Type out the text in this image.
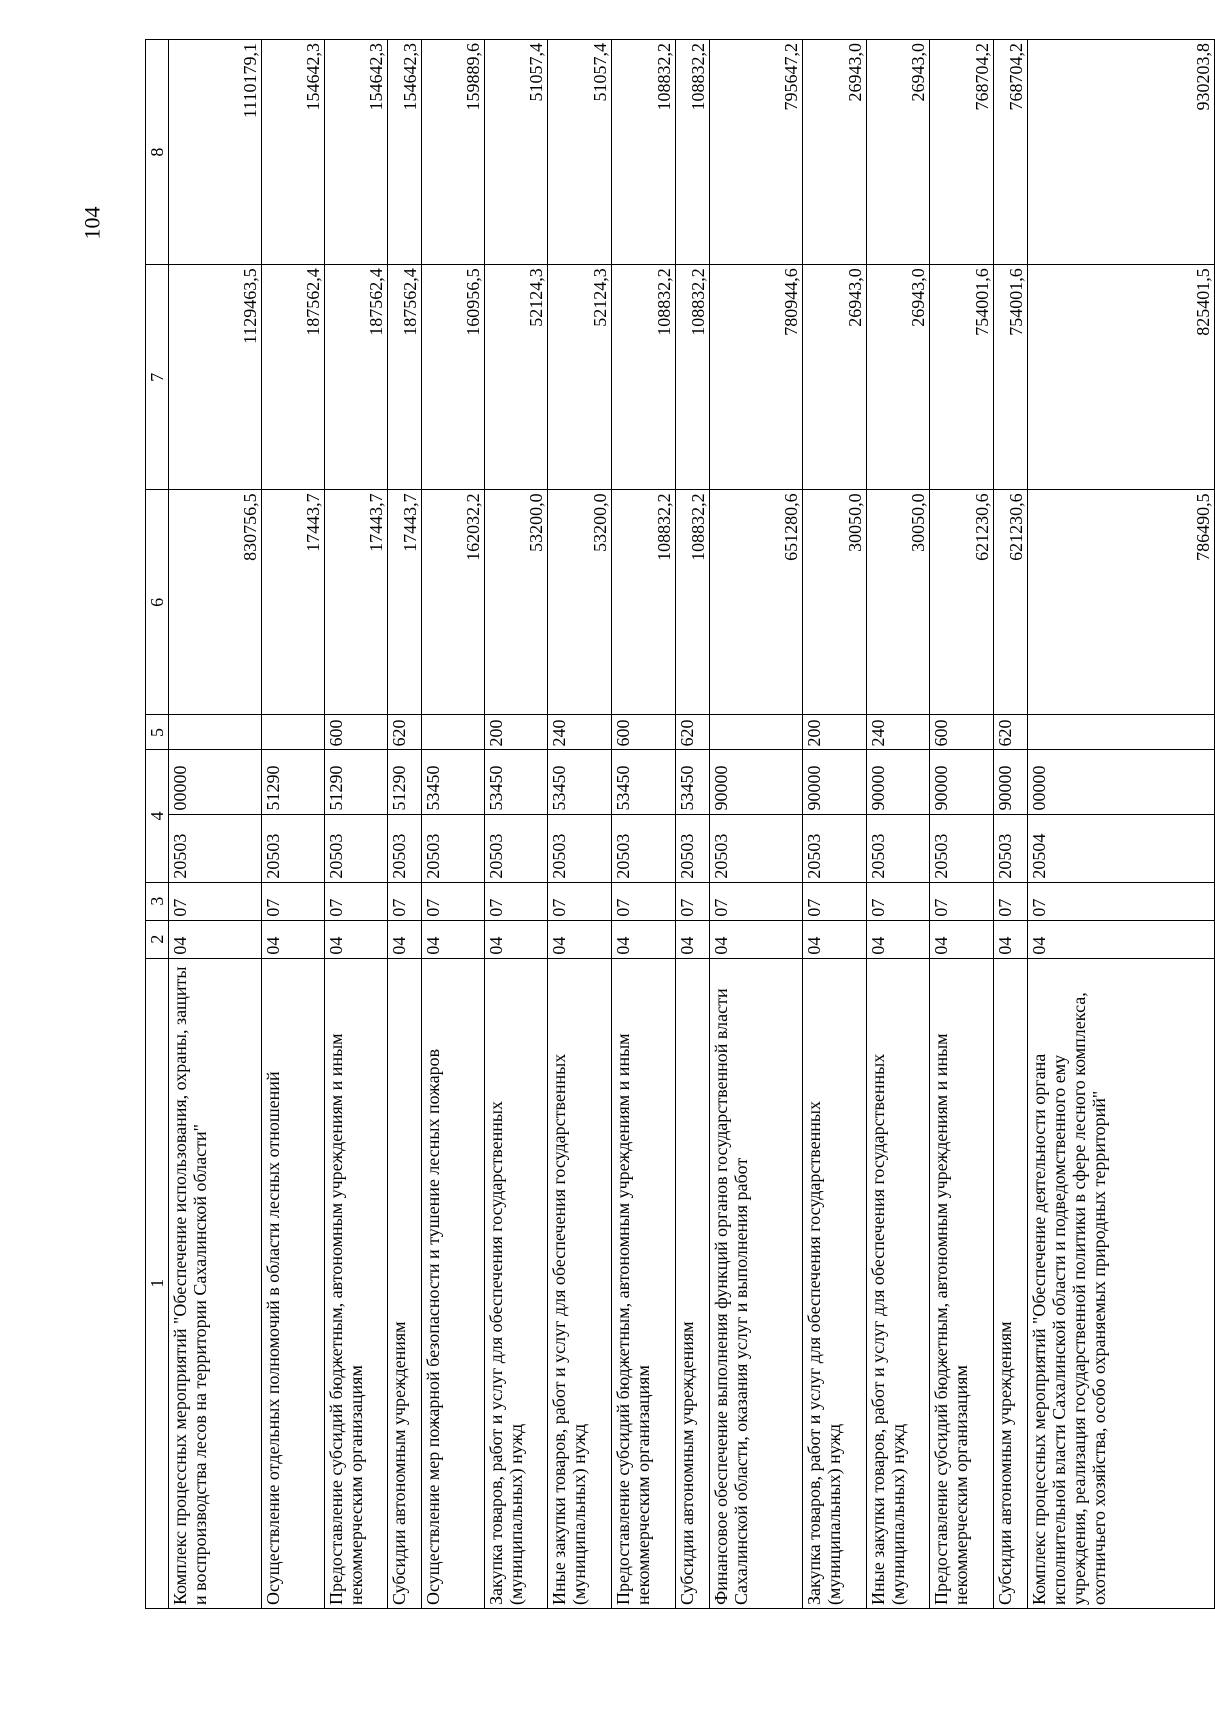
104
1	2	3	4		5	6	7	8
Комплекс процессных мероприятий "Обеспечение использования, охраны, защиты и воспроизводства лесов на территории Сахалинской области"	04	07	20503	00000		830756,5	1129463,5	1110179,1
Осуществление отдельных полномочий в области лесных отношений	04	07	20503	51290		17443,7	187562,4	154642,3
Предоставление субсидий бюджетным, автономным учреждениям и иным некоммерческим организациям	04	07	20503	51290	600	17443,7	187562,4	154642,3
Субсидии автономным учреждениям	04	07	20503	51290	620	17443,7	187562,4	154642,3
Осуществление мер пожарной безопасности и тушение лесных пожаров	04	07	20503	53450		162032,2	160956,5	159889,6
Закупка товаров, работ и услуг для обеспечения государственных (муниципальных) нужд	04	07	20503	53450	200	53200,0	52124,3	51057,4
Иные закупки товаров, работ и услуг для обеспечения государственных (муниципальных) нужд	04	07	20503	53450	240	53200,0	52124,3	51057,4
Предоставление субсидий бюджетным, автономным учреждениям и иным некоммерческим организациям	04	07	20503	53450	600	108832,2	108832,2	108832,2
Субсидии автономным учреждениям	04	07	20503	53450	620	108832,2	108832,2	108832,2
Финансовое обеспечение выполнения функций органов государственной власти Сахалинской области, оказания услуг и выполнения работ	04	07	20503	90000		651280,6	780944,6	795647,2
Закупка товаров, работ и услуг для обеспечения государственных (муниципальных) нужд	04	07	20503	90000	200	30050,0	26943,0	26943,0
Иные закупки товаров, работ и услуг для обеспечения государственных (муниципальных) нужд	04	07	20503	90000	240	30050,0	26943,0	26943,0
Предоставление субсидий бюджетным, автономным учреждениям и иным некоммерческим организациям	04	07	20503	90000	600	621230,6	754001,6	768704,2
Субсидии автономным учреждениям	04	07	20503	90000	620	621230,6	754001,6	768704,2
Комплекс процессных мероприятий "Обеспечение деятельности органа исполнительной власти Сахалинской области и подведомственного ему учреждения, реализация государственной политики в сфере лесного комплекса, охотничьего хозяйства, особо охраняемых природных территорий"	04	07	20504	00000		786490,5	825401,5	930203,8
